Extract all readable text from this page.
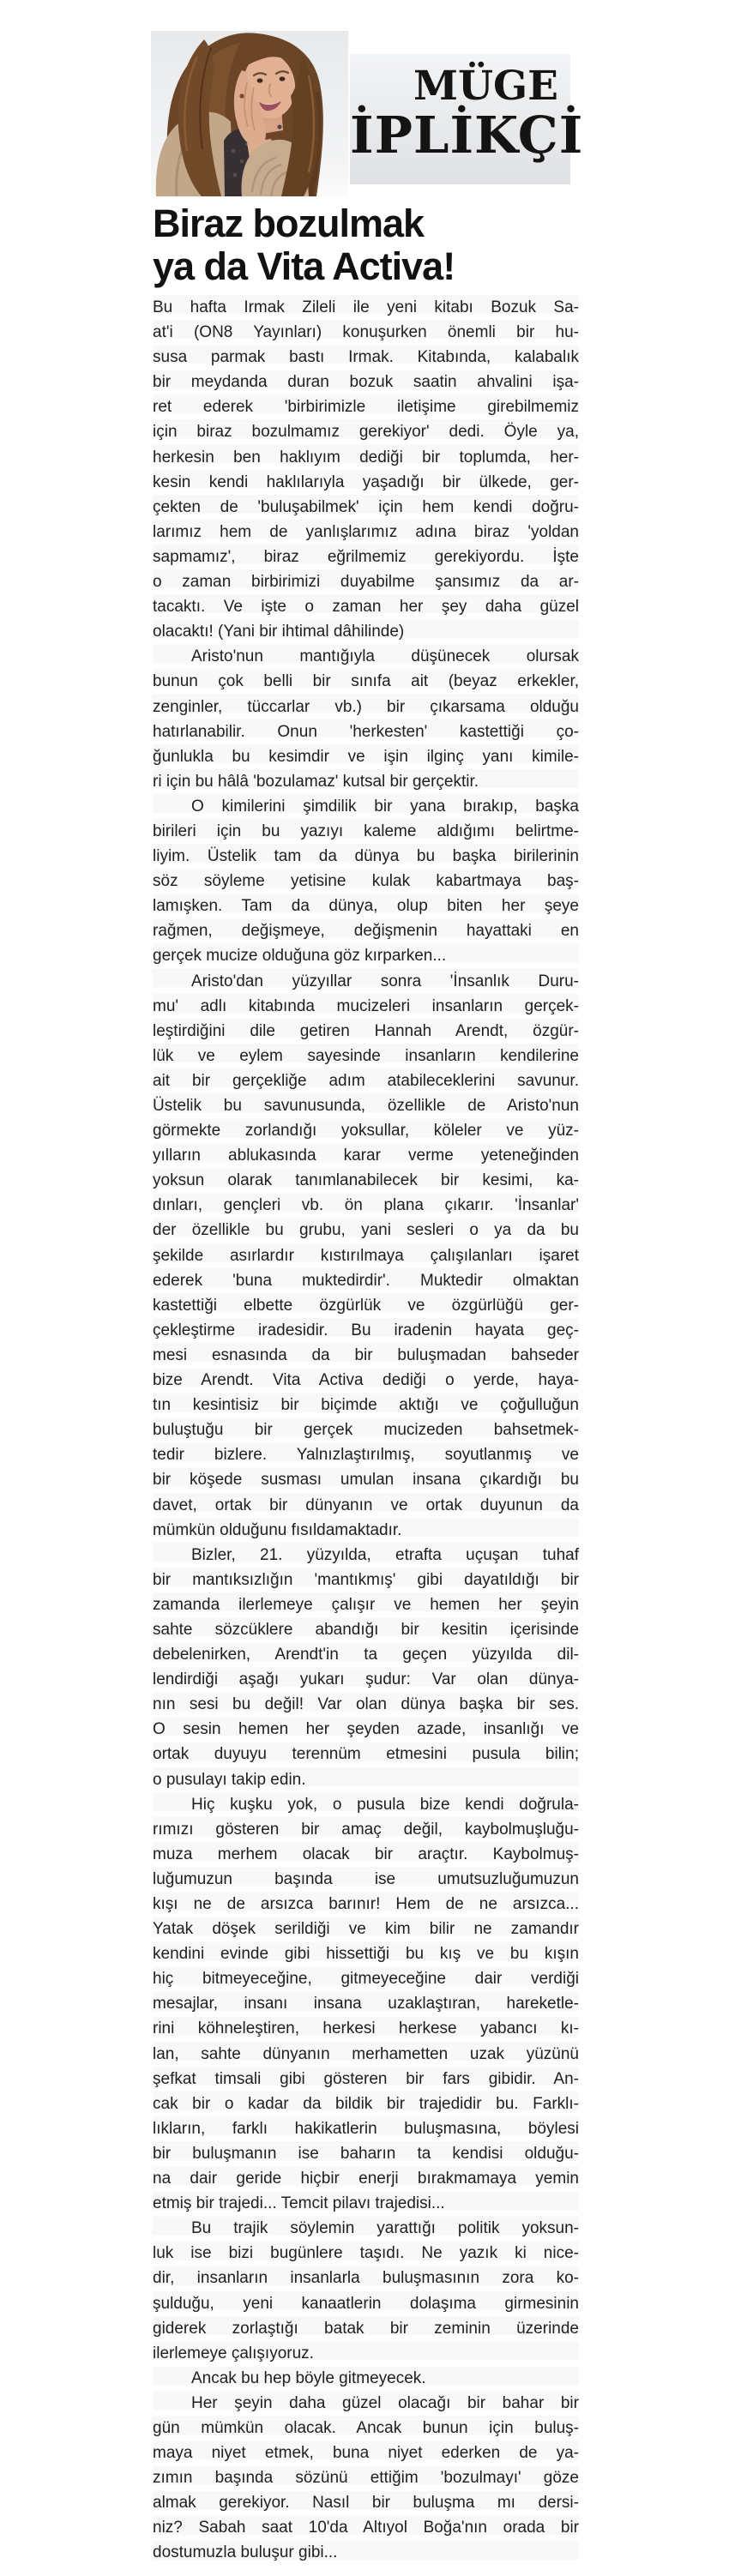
MÜGE
İPLİKÇİ
Biraz bozulmak
ya da Vita Activa!
Bu hafta Irmak Zileli ile yeni kitabı Bozuk Sa-
at'i (ON8 Yayınları) konuşurken önemli bir hu-
susa parmak bastı Irmak. Kitabında, kalabalık
bir meydanda duran bozuk saatin ahvalini işa-
ret ederek 'birbirimizle iletişime girebilmemiz
için biraz bozulmamız gerekiyor' dedi. Öyle ya,
herkesin ben haklıyım dediği bir toplumda, her-
kesin kendi haklılarıyla yaşadığı bir ülkede, ger-
çekten de 'buluşabilmek' için hem kendi doğru-
larımız hem de yanlışlarımız adına biraz 'yoldan
sapmamız', biraz eğrilmemiz gerekiyordu. İşte
o zaman birbirimizi duyabilme şansımız da ar-
tacaktı. Ve işte o zaman her şey daha güzel
olacaktı! (Yani bir ihtimal dâhilinde)
Aristo'nun mantığıyla düşünecek olursak
bunun çok belli bir sınıfa ait (beyaz erkekler,
zenginler, tüccarlar vb.) bir çıkarsama olduğu
hatırlanabilir. Onun 'herkesten' kastettiği ço-
ğunlukla bu kesimdir ve işin ilginç yanı kimile-
ri için bu hâlâ 'bozulamaz' kutsal bir gerçektir.
O kimilerini şimdilik bir yana bırakıp, başka
birileri için bu yazıyı kaleme aldığımı belirtme-
liyim. Üstelik tam da dünya bu başka birilerinin
söz söyleme yetisine kulak kabartmaya baş-
lamışken. Tam da dünya, olup biten her şeye
rağmen, değişmeye, değişmenin hayattaki en
gerçek mucize olduğuna göz kırparken...
Aristo'dan yüzyıllar sonra 'İnsanlık Duru-
mu' adlı kitabında mucizeleri insanların gerçek-
leştirdiğini dile getiren Hannah Arendt, özgür-
lük ve eylem sayesinde insanların kendilerine
ait bir gerçekliğe adım atabileceklerini savunur.
Üstelik bu savunusunda, özellikle de Aristo'nun
görmekte zorlandığı yoksullar, köleler ve yüz-
yılların ablukasında karar verme yeteneğinden
yoksun olarak tanımlanabilecek bir kesimi, ka-
dınları, gençleri vb. ön plana çıkarır. 'İnsanlar'
der özellikle bu grubu, yani sesleri o ya da bu
şekilde asırlardır kıstırılmaya çalışılanları işaret
ederek 'buna muktedirdir'. Muktedir olmaktan
kastettiği elbette özgürlük ve özgürlüğü ger-
çekleştirme iradesidir. Bu iradenin hayata geç-
mesi esnasında da bir buluşmadan bahseder
bize Arendt. Vita Activa dediği o yerde, haya-
tın kesintisiz bir biçimde aktığı ve çoğulluğun
buluştuğu bir gerçek mucizeden bahsetmek-
tedir bizlere. Yalnızlaştırılmış, soyutlanmış ve
bir köşede susması umulan insana çıkardığı bu
davet, ortak bir dünyanın ve ortak duyunun da
mümkün olduğunu fısıldamaktadır.
Bizler, 21. yüzyılda, etrafta uçuşan tuhaf
bir mantıksızlığın 'mantıkmış' gibi dayatıldığı bir
zamanda ilerlemeye çalışır ve hemen her şeyin
sahte sözcüklere abandığı bir kesitin içerisinde
debelenirken, Arendt'in ta geçen yüzyılda dil-
lendirdiği aşağı yukarı şudur: Var olan dünya-
nın sesi bu değil! Var olan dünya başka bir ses.
O sesin hemen her şeyden azade, insanlığı ve
ortak duyuyu terennüm etmesini pusula bilin;
o pusulayı takip edin.
Hiç kuşku yok, o pusula bize kendi doğrula-
rımızı gösteren bir amaç değil, kaybolmuşluğu-
muza merhem olacak bir araçtır. Kaybolmuş-
luğumuzun başında ise umutsuzluğumuzun
kışı ne de arsızca barınır! Hem de ne arsızca...
Yatak döşek serildiği ve kim bilir ne zamandır
kendini evinde gibi hissettiği bu kış ve bu kışın
hiç bitmeyeceğine, gitmeyeceğine dair verdiği
mesajlar, insanı insana uzaklaştıran, hareketle-
rini köhneleştiren, herkesi herkese yabancı kı-
lan, sahte dünyanın merhametten uzak yüzünü
şefkat timsali gibi gösteren bir fars gibidir. An-
cak bir o kadar da bildik bir trajedidir bu. Farklı-
lıkların, farklı hakikatlerin buluşmasına, böylesi
bir buluşmanın ise baharın ta kendisi olduğu-
na dair geride hiçbir enerji bırakmamaya yemin
etmiş bir trajedi... Temcit pilavı trajedisi...
Bu trajik söylemin yarattığı politik yoksun-
luk ise bizi bugünlere taşıdı. Ne yazık ki nice-
dir, insanların insanlarla buluşmasının zora ko-
şulduğu, yeni kanaatlerin dolaşıma girmesinin
giderek zorlaştığı batak bir zeminin üzerinde
ilerlemeye çalışıyoruz.
Ancak bu hep böyle gitmeyecek.
Her şeyin daha güzel olacağı bir bahar bir
gün mümkün olacak. Ancak bunun için buluş-
maya niyet etmek, buna niyet ederken de ya-
zımın başında sözünü ettiğim 'bozulmayı' göze
almak gerekiyor. Nasıl bir buluşma mı dersi-
niz? Sabah saat 10'da Altıyol Boğa'nın orada bir
dostumuzla buluşur gibi...
